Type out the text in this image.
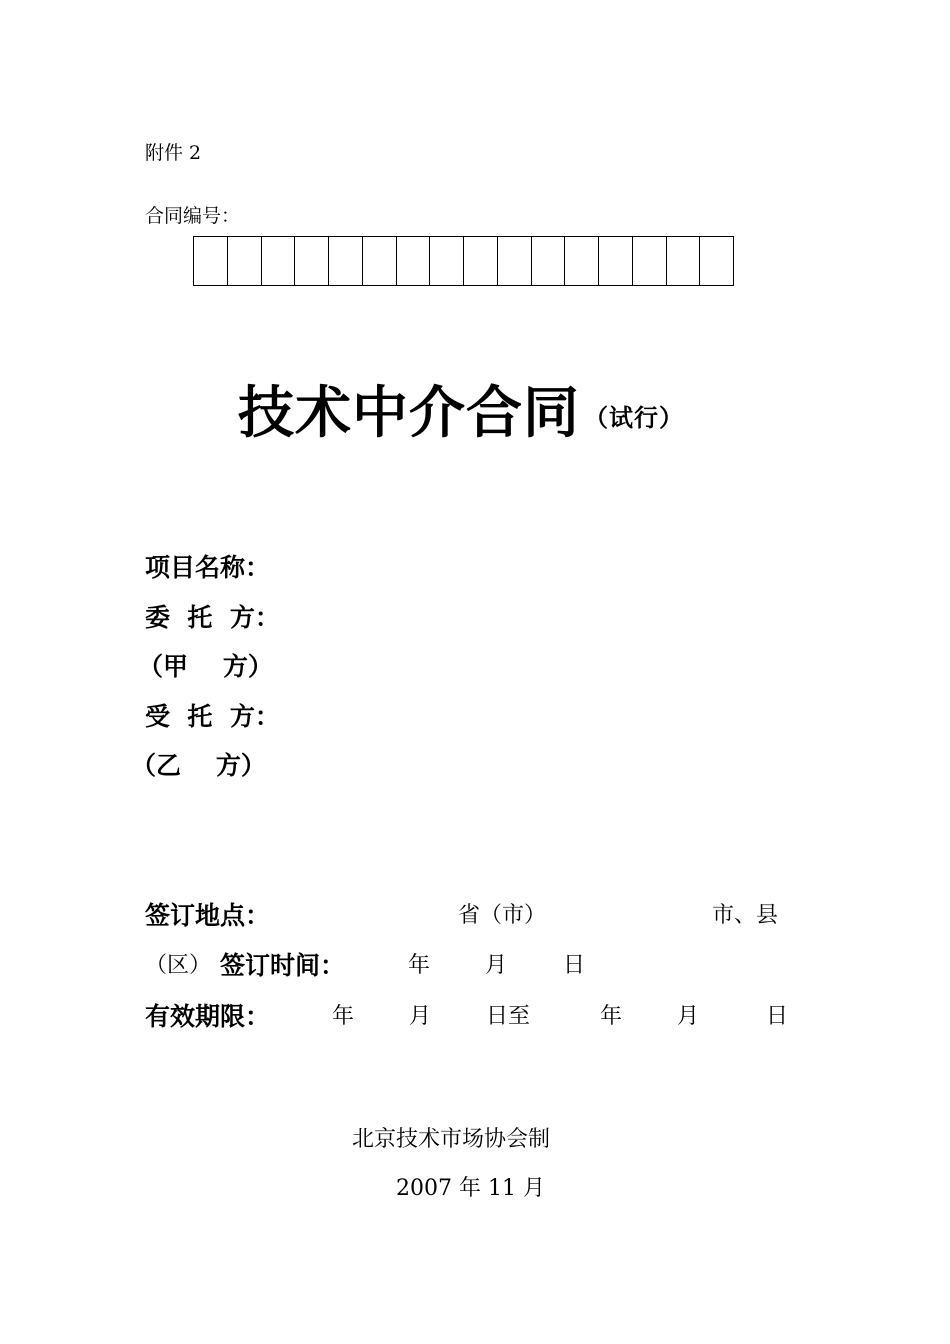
附件 2
合同编号：
技术中介合同 （试行）
项目名称：
委  托  方：
（甲    方）
受  托  方：
（乙    方）
签订地点：	省（市）	市、县
（区） 签订时间：	年 月	日
有效期限：	年 月 日至	年 月	日
北京技术市场协会制
2007 年 11 月
